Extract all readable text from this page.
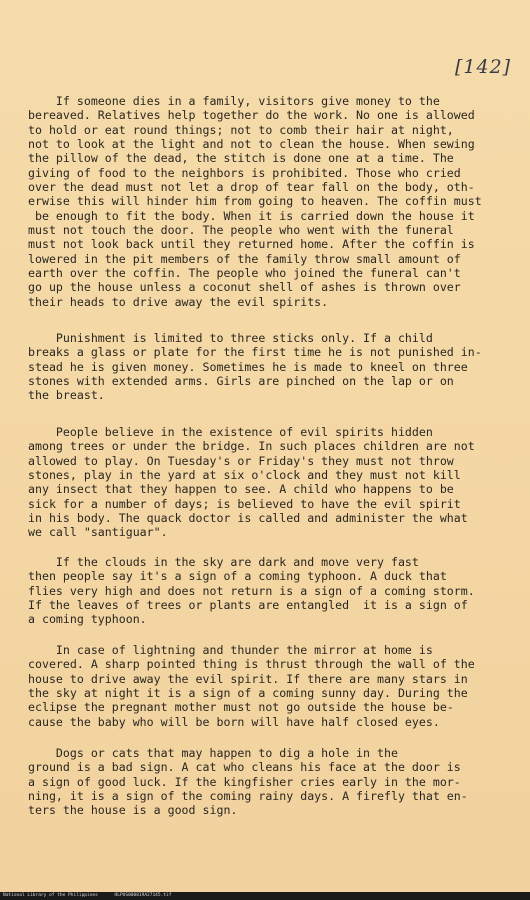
[142]

If someone dies in a family, visitors give money to the
bereaved. Relatives help together do the work. No one is allowed
to hold or eat round things; not to comb their hair at night,
not to look at the light and not to clean the house. When sewing
the pillow of the dead, the stitch is done one at a time. The
giving of food to the neighbors is prohibited. Those who cried
over the dead must not let a drop of tear fall on the body, oth-
erwise this will hinder him from going to heaven. The coffin must
be enough to fit the body. When it is carried down the house it
must not touch the door. The people who went with the funeral
must not look back until they returned home. After the coffin is
lowered in the pit members of the family throw small amount of
earth over the coffin. The people who joined the funeral can't
go up the house unless a coconut shell of ashes is thrown over
their heads to drive away the evil spirits.

Punishment is limited to three sticks only. If a child
breaks a glass or plate for the first time he is not punished in-
stead he is given money. Sometimes he is made to kneel on three
stones with extended arms. Girls are pinched on the lap or on
the breast.

People believe in the existence of evil spirits hidden
among trees or under the bridge. In such places children are not
allowed to play. On Tuesday's or Friday's they must not throw
stones, play in the yard at six o'clock and they must not kill
any insect that they happen to see. A child who happens to be
sick for a number of days; is believed to have the evil spirit
in his body. The quack doctor is called and administer the what
we call "santiguar".

If the clouds in the sky are dark and move very fast
then people say it's a sign of a coming typhoon. A duck that
flies very high and does not return is a sign of a coming storm.
If the leaves of trees or plants are entangled  it is a sign of
a coming typhoon.

In case of lightning and thunder the mirror at home is
covered. A sharp pointed thing is thrust through the wall of the
house to drive away the evil spirit. If there are many stars in
the sky at night it is a sign of a coming sunny day. During the
eclipse the pregnant mother must not go outside the house be-
cause the baby who will be born will have half closed eyes.

Dogs or cats that may happen to dig a hole in the
ground is a bad sign. A cat who cleans his face at the door is
a sign of good luck. If the kingfisher cries early in the mor-
ning, it is a sign of the coming rainy days. A firefly that en-
ters the house is a good sign.

National Library of the Philippines	HLPOS000819A27145.tif
